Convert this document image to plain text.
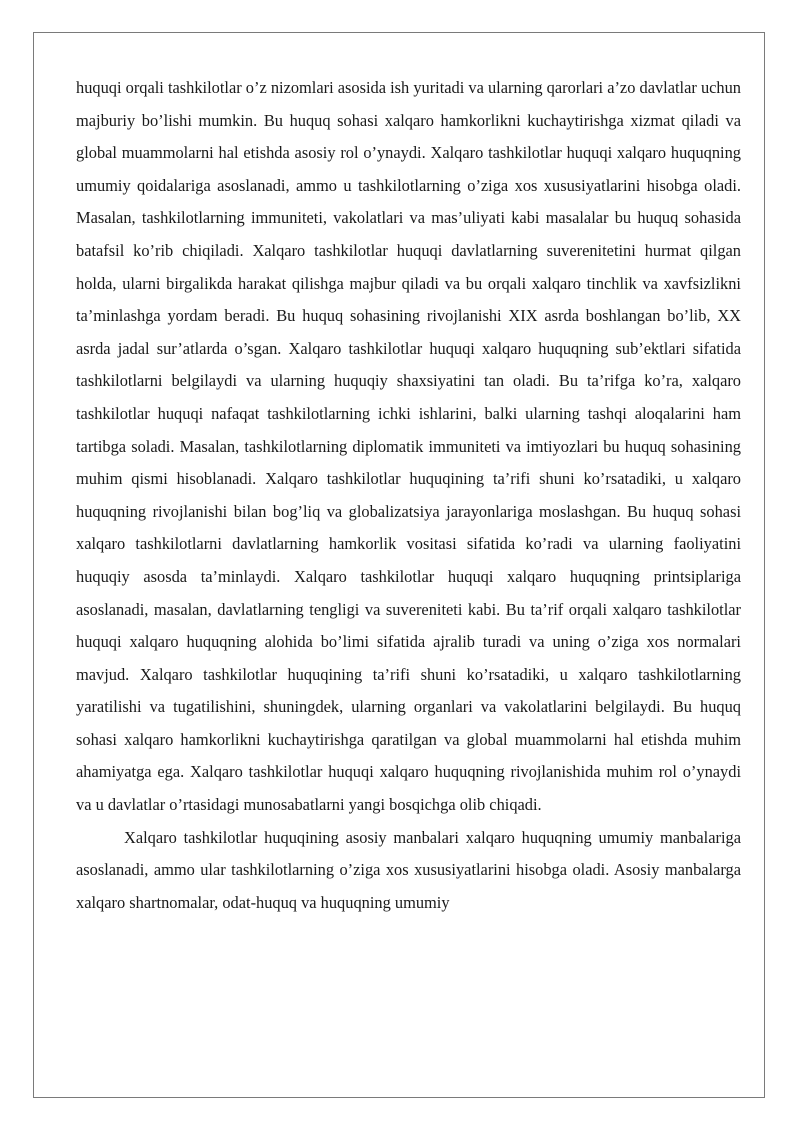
huquqi orqali tashkilotlar o’z nizomlari asosida ish yuritadi va ularning qarorlari a’zo davlatlar uchun majburiy bo’lishi mumkin. Bu huquq sohasi xalqaro hamkorlikni kuchaytirishga xizmat qiladi va global muammolarni hal etishda asosiy rol o’ynaydi. Xalqaro tashkilotlar huquqi xalqaro huquqning umumiy qoidalariga asoslanadi, ammo u tashkilotlarning o’ziga xos xususiyatlarini hisobga oladi. Masalan, tashkilotlarning immuniteti, vakolatlari va mas’uliyati kabi masalalar bu huquq sohasida batafsil ko’rib chiqiladi. Xalqaro tashkilotlar huquqi davlatlarning suverenitetini hurmat qilgan holda, ularni birgalikda harakat qilishga majbur qiladi va bu orqali xalqaro tinchlik va xavfsizlikni ta’minlashga yordam beradi. Bu huquq sohasining rivojlanishi XIX asrda boshlangan bo’lib, XX asrda jadal sur’atlarda o’sgan. Xalqaro tashkilotlar huquqi xalqaro huquqning sub’ektlari sifatida tashkilotlarni belgilaydi va ularning huquqiy shaxsiyatini tan oladi. Bu ta’rifga ko’ra, xalqaro tashkilotlar huquqi nafaqat tashkilotlarning ichki ishlarini, balki ularning tashqi aloqalarini ham tartibga soladi. Masalan, tashkilotlarning diplomatik immuniteti va imtiyozlari bu huquq sohasining muhim qismi hisoblanadi. Xalqaro tashkilotlar huquqining ta’rifi shuni ko’rsatadiki, u xalqaro huquqning rivojlanishi bilan bog’liq va globalizatsiya jarayonlariga moslashgan. Bu huquq sohasi xalqaro tashkilotlarni davlatlarning hamkorlik vositasi sifatida ko’radi va ularning faoliyatini huquqiy asosda ta’minlaydi. Xalqaro tashkilotlar huquqi xalqaro huquqning printsiplariga asoslanadi, masalan, davlatlarning tengligi va suvereniteti kabi. Bu ta’rif orqali xalqaro tashkilotlar huquqi xalqaro huquqning alohida bo’limi sifatida ajralib turadi va uning o’ziga xos normalari mavjud. Xalqaro tashkilotlar huquqining ta’rifi shuni ko’rsatadiki, u xalqaro tashkilotlarning yaratilishi va tugatilishini, shuningdek, ularning organlari va vakolatlarini belgilaydi. Bu huquq sohasi xalqaro hamkorlikni kuchaytirishga qaratilgan va global muammolarni hal etishda muhim ahamiyatga ega. Xalqaro tashkilotlar huquqi xalqaro huquqning rivojlanishida muhim rol o’ynaydi va u davlatlar o’rtasidagi munosabatlarni yangi bosqichga olib chiqadi.

Xalqaro tashkilotlar huquqining asosiy manbalari xalqaro huquqning umumiy manbalariga asoslanadi, ammo ular tashkilotlarning o’ziga xos xususiyatlarini hisobga oladi. Asosiy manbalarga xalqaro shartnomalar, odat-huquq va huquqning umumiy
